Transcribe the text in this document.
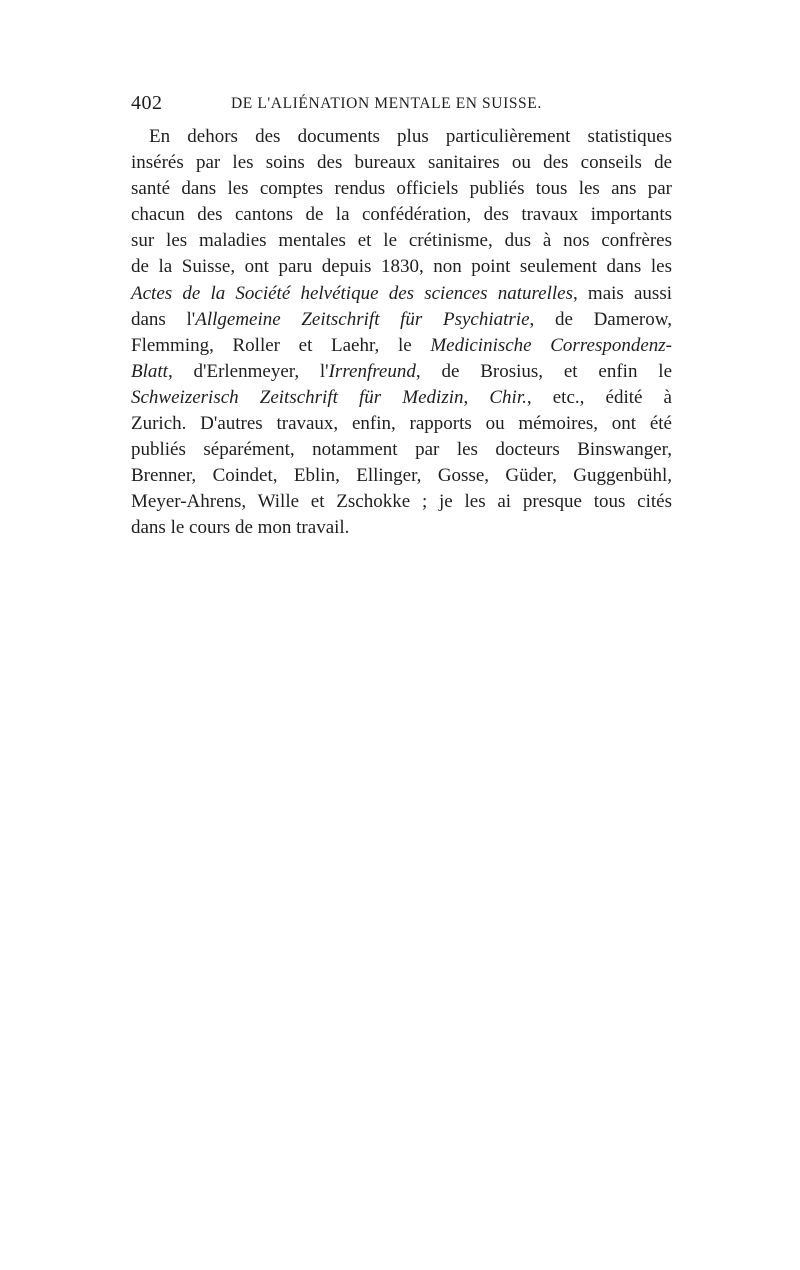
402	DE L'ALIÉNATION MENTALE EN SUISSE.
En dehors des documents plus particulièrement statistiques
insérés par les soins des bureaux sanitaires ou des conseils de
santé dans les comptes rendus officiels publiés tous les ans par
chacun des cantons de la confédération, des travaux importants
sur les maladies mentales et le crétinisme, dus à nos confrères
de la Suisse, ont paru depuis 1830, non point seulement dans les
Actes de la Société helvétique des sciences naturelles, mais aussi
dans l'Allgemeine Zeitschrift für Psychiatrie, de Damerow,
Flemming, Roller et Laehr, le Medicinische Correspondenz-
Blatt, d'Erlenmeyer, l'Irrenfreund, de Brosius, et enfin le
Schweizerisch Zeitschrift für Medizin, Chir., etc., édité à
Zurich. D'autres travaux, enfin, rapports ou mémoires, ont été
publiés séparément, notamment par les docteurs Binswanger,
Brenner, Coindet, Eblin, Ellinger, Gosse, Güder, Guggenbühl,
Meyer-Ahrens, Wille et Zschokke ; je les ai presque tous cités
dans le cours de mon travail.
